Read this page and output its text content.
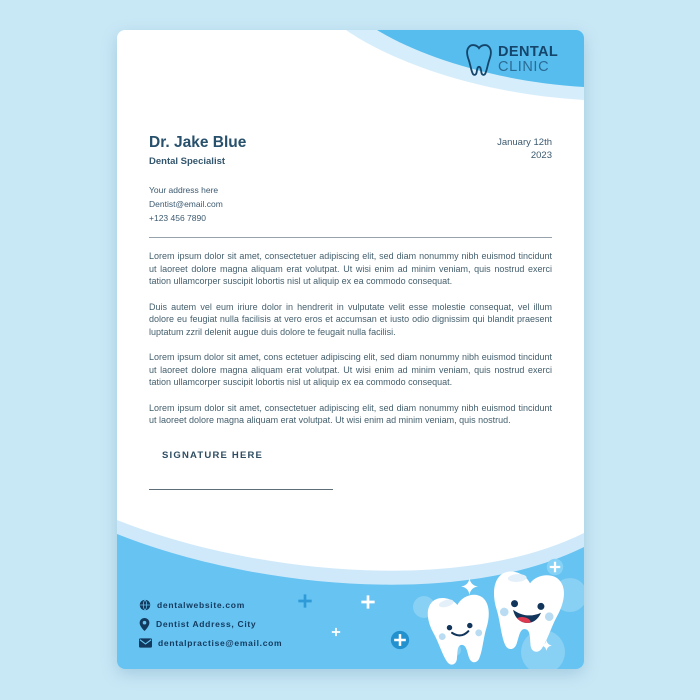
DENTAL
CLINIC
Dr. Jake Blue
Dental Specialist
January 12th
2023
Your address here
Dentist@email.com
+123 456 7890

Lorem ipsum dolor sit amet, consectetuer adipiscing elit, sed diam nonummy nibh euismod tincidunt ut laoreet dolore magna aliquam erat volutpat. Ut wisi enim ad minim veniam, quis nostrud exerci tation ullamcorper suscipit lobortis nisl ut aliquip ex ea commodo consequat.

Duis autem vel eum iriure dolor in hendrerit in vulputate velit esse molestie consequat, vel illum dolore eu feugiat nulla facilisis at vero eros et accumsan et iusto odio dignissim qui blandit praesent luptatum zzril delenit augue duis dolore te feugait nulla facilisi.

Lorem ipsum dolor sit amet, cons ectetuer adipiscing elit, sed diam nonummy nibh euismod tincidunt ut laoreet dolore magna aliquam erat volutpat. Ut wisi enim ad minim veniam, quis nostrud exerci tation ullamcorper suscipit lobortis nisl ut aliquip ex ea commodo consequat.

Lorem ipsum dolor sit amet, consectetuer adipiscing elit, sed diam nonummy nibh euismod tincidunt ut laoreet dolore magna aliquam erat volutpat. Ut wisi enim ad minim veniam, quis nostrud.

SIGNATURE HERE
dentalwebsite.com
Dentist Address, City
dentalpractise@email.com
